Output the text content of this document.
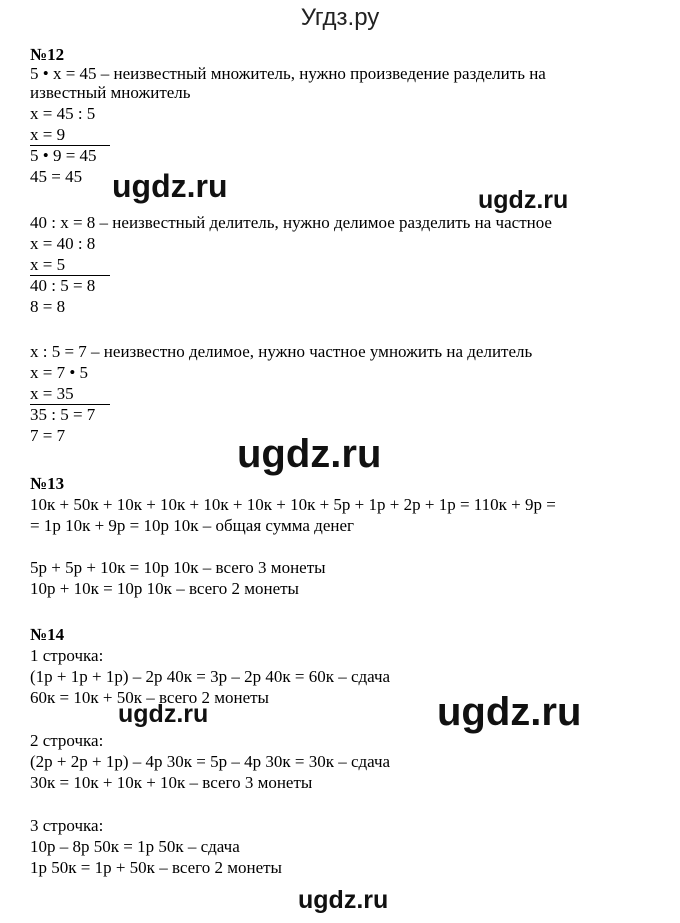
Угдз.ру
№12
5 • x = 45 – неизвестный множитель, нужно произведение разделить на
известный множитель
x = 45 : 5
x = 9
5 • 9 = 45
45 = 45
40 : x = 8 – неизвестный делитель, нужно делимое разделить на частное
x = 40 : 8
x = 5
40 : 5 = 8
8 = 8
x : 5 = 7 – неизвестно делимое, нужно частное умножить на делитель
x = 7 • 5
x = 35
35 : 5 = 7
7 = 7
№13
10к + 50к + 10к + 10к + 10к + 10к + 10к + 5р + 1р + 2р + 1р = 110к + 9р =
= 1р 10к + 9р = 10р 10к – общая сумма денег
5р + 5р + 10к = 10р 10к – всего 3 монеты
10р + 10к = 10р 10к – всего 2 монеты
№14
1 строчка:
(1р + 1р + 1р) – 2р 40к = 3р – 2р 40к = 60к – сдача
60к = 10к + 50к – всего 2 монеты
2 строчка:
(2р + 2р + 1р) – 4р 30к = 5р – 4р 30к = 30к – сдача
30к = 10к + 10к + 10к – всего 3 монеты
3 строчка:
10р – 8р 50к = 1р 50к – сдача
1р 50к = 1р + 50к – всего 2 монеты
ugdz.ru	ugdz.ru
ugdz.ru
ugdz.ru	ugdz.ru
ugdz.ru
